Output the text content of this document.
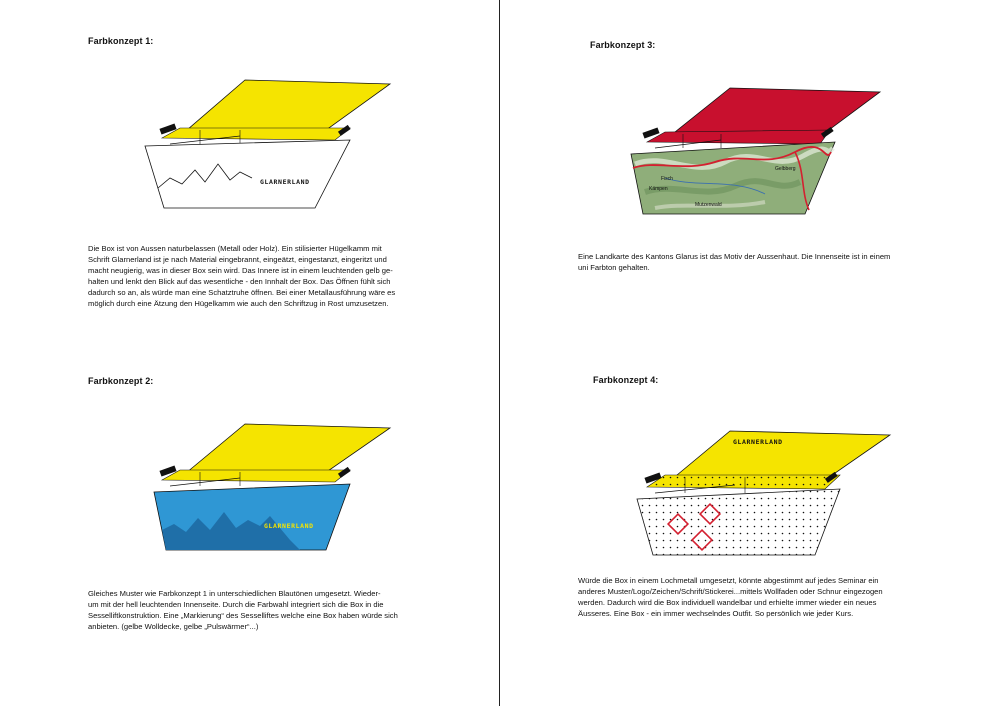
Farbkonzept 1:
GLARNERLAND
Die Box ist von Aussen naturbelassen (Metall oder Holz). Ein stilisierter Hügelkamm mit
Schrift Glarnerland ist je nach Material eingebrannt, eingeätzt, eingestanzt, eingeritzt und
macht neugierig, was in dieser Box sein wird. Das Innere ist in einem leuchtenden gelb ge-
halten und lenkt den Blick auf das wesentliche - den Innhalt der Box. Das Öffnen fühlt sich
dadurch so an, als würde man eine Schatztruhe öffnen. Bei einer Metallausführung wäre es
möglich durch eine Ätzung den Hügelkamm wie auch den Schriftzug in Rost umzusetzen.
Farbkonzept 2:
GLARNERLAND
Gleiches Muster wie Farbkonzept 1 in unterschiedlichen Blautönen umgesetzt. Wieder-
um mit der hell leuchtenden Innenseite. Durch die Farbwahl integriert sich die Box in die
Sesselliftkonstruktion. Eine „Markierung“ des Sesselliftes welche eine Box haben würde sich
anbieten. (gelbe Wolldecke, gelbe „Pulswärmer“...)
Farbkonzept 3:
Fisch
Kämpen
Gelbberg
Mutzenwald
Eine Landkarte des Kantons Glarus ist das Motiv der Aussenhaut. Die Innenseite ist in einem
uni Farbton gehalten.
Farbkonzept 4:
GLARNERLAND
Würde die Box in einem Lochmetall umgesetzt, könnte abgestimmt auf jedes Seminar ein
anderes Muster/Logo/Zeichen/Schrift/Stickerei...mittels Wollfaden oder Schnur eingezogen
werden. Dadurch wird die Box individuell wandelbar und erhielte immer wieder ein neues
Äusseres. Eine Box - ein immer wechselndes Outfit. So persönlich wie jeder Kurs.
